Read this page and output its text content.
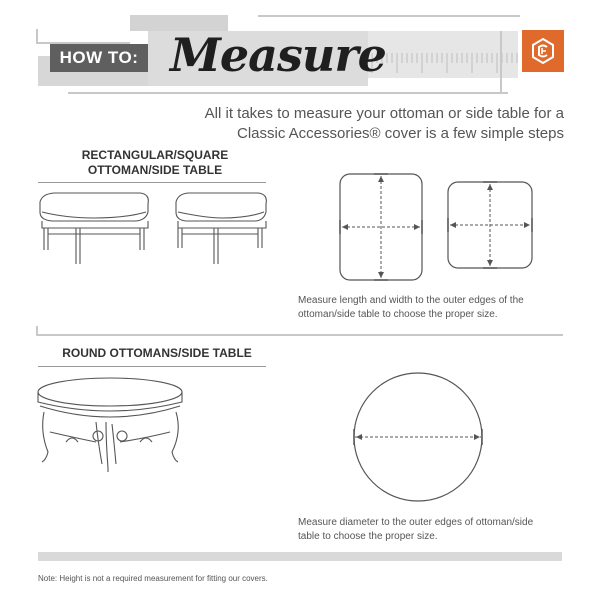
HOW TO: Measure
All it takes to measure your ottoman or side table for a
Classic Accessories® cover is a few simple steps
RECTANGULAR/SQUARE
OTTOMAN/SIDE TABLE
Measure length and width to the outer edges of the
ottoman/side table to choose the proper size.
ROUND OTTOMANS/SIDE TABLE
Measure diameter to the outer edges of ottoman/side
table to choose the proper size.
Note: Height is not a required measurement for fitting our covers.
